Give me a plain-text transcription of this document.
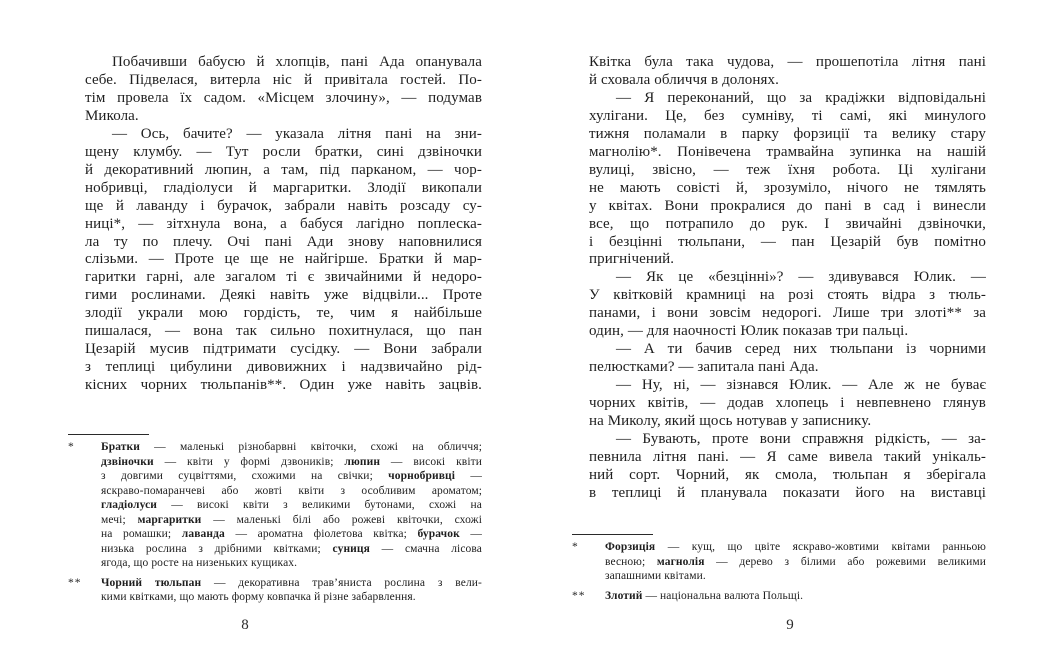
Побачивши бабусю й хлопців, пані Ада опанувала
себе. Підвелася, витерла ніс й привітала гостей. По-
тім провела їх садом. «Місцем злочину», — подумав
Микола.
— Ось, бачите? — указала літня пані на зни-
щену клумбу. — Тут росли братки, сині дзвіночки
й декоративний люпин, а там, під парканом, — чор-
нобривці, гладіолуси й маргаритки. Злодії викопали
ще й лаванду і бурачок, забрали навіть розсаду су-
ниці*, — зітхнула вона, а бабуся лагідно поплеска-
ла ту по плечу. Очі пані Ади знову наповнилися
слізьми. — Проте це ще не найгірше. Братки й мар-
гаритки гарні, але загалом ті є звичайними й недоро-
гими рослинами. Деякі навіть уже відцвіли... Проте
злодії украли мою гордість, те, чим я найбільше
пишалася, — вона так сильно похитнулася, що пан
Цезарій мусив підтримати сусідку. — Вони забрали
з теплиці цибулини дивовижних і надзвичайно рід-
кісних чорних тюльпанів**. Один уже навіть зацвів.
*	Братки — маленькі різнобарвні квіточки, схожі на обличчя;
дзвіночки — квіти у формі дзвоників; люпин — високі квіти
з довгими суцвіттями, схожими на свічки; чорнобривці —
яскраво-помаранчеві або жовті квіти з особливим ароматом;
гладіолуси — високі квіти з великими бутонами, схожі на
мечі; маргаритки — маленькі білі або рожеві квіточки, схожі
на ромашки; лаванда — ароматна фіолетова квітка; бурачок —
низька рослина з дрібними квітками; суниця — смачна лісова
ягода, що росте на низеньких кущиках.
**	Чорний тюльпан — декоративна трав’яниста рослина з вели-
кими квітками, що мають форму ковпачка й різне забарвлення.
8
Квітка була така чудова, — прошепотіла літня пані
й сховала обличчя в долонях.
— Я переконаний, що за крадіжки відповідальні
хулігани. Це, без сумніву, ті самі, які минулого
тижня поламали в парку форзиції та велику стару
магнолію*. Понівечена трамвайна зупинка на нашій
вулиці, звісно, — теж їхня робота. Ці хулігани
не мають совісті й, зрозуміло, нічого не тямлять
у квітах. Вони прокралися до пані в сад і винесли
все, що потрапило до рук. І звичайні дзвіночки,
і безцінні тюльпани, — пан Цезарій був помітно
пригнічений.
— Як це «безцінні»? — здивувався Юлик. —
У квітковій крамниці на розі стоять відра з тюль-
панами, і вони зовсім недорогі. Лише три злоті** за
один, — для наочності Юлик показав три пальці.
— А ти бачив серед них тюльпани із чорними
пелюстками? — запитала пані Ада.
— Ну, ні, — зізнався Юлик. — Але ж не буває
чорних квітів, — додав хлопець і невпевнено глянув
на Миколу, який щось нотував у записнику.
— Бувають, проте вони справжня рідкість, — за-
певнила літня пані. — Я саме вивела такий унікаль-
ний сорт. Чорний, як смола, тюльпан я зберігала
в теплиці й планувала показати його на виставці
*	Форзиція — кущ, що цвіте яскраво-жовтими квітами ранньою
весною; магнолія — дерево з білими або рожевими великими
запашними квітами.
**	Злотий — національна валюта Польщі.
9
